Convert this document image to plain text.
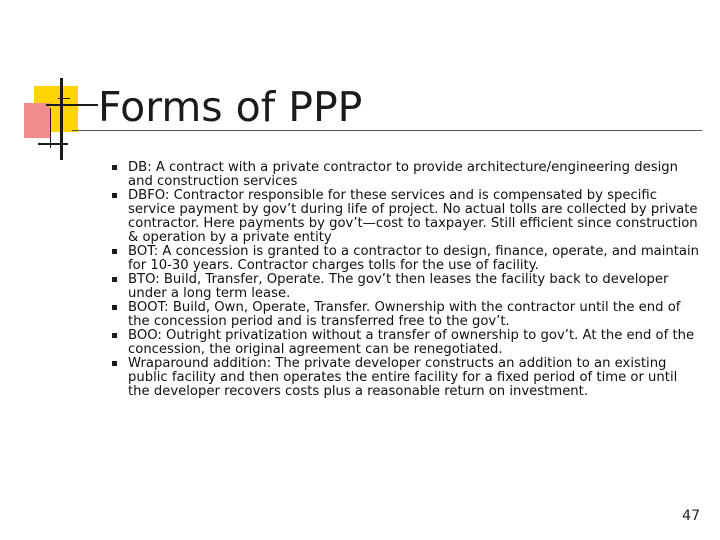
Forms of PPP
DB: A contract with a private contractor to provide architecture/engineering design and construction services
DBFO: Contractor responsible for these services and is compensated by specific service payment by gov’t during life of project. No actual tolls are collected by private contractor. Here payments by gov’t—cost to taxpayer. Still efficient since construction & operation by a private entity
BOT: A concession is granted to a contractor to design, finance, operate, and maintain for 10-30 years. Contractor charges tolls for the use of facility.
BTO: Build, Transfer, Operate. The gov’t then leases the facility back to developer under a long term lease.
BOOT: Build, Own, Operate, Transfer. Ownership with the contractor until the end of the concession period and is transferred free to the gov’t.
BOO: Outright privatization without a transfer of ownership to gov’t. At the end of the concession, the original agreement can be renegotiated.
Wraparound addition: The private developer constructs an addition to an existing public facility and then operates the entire facility for a fixed period of time or until the developer recovers costs plus a reasonable return on investment.
47
